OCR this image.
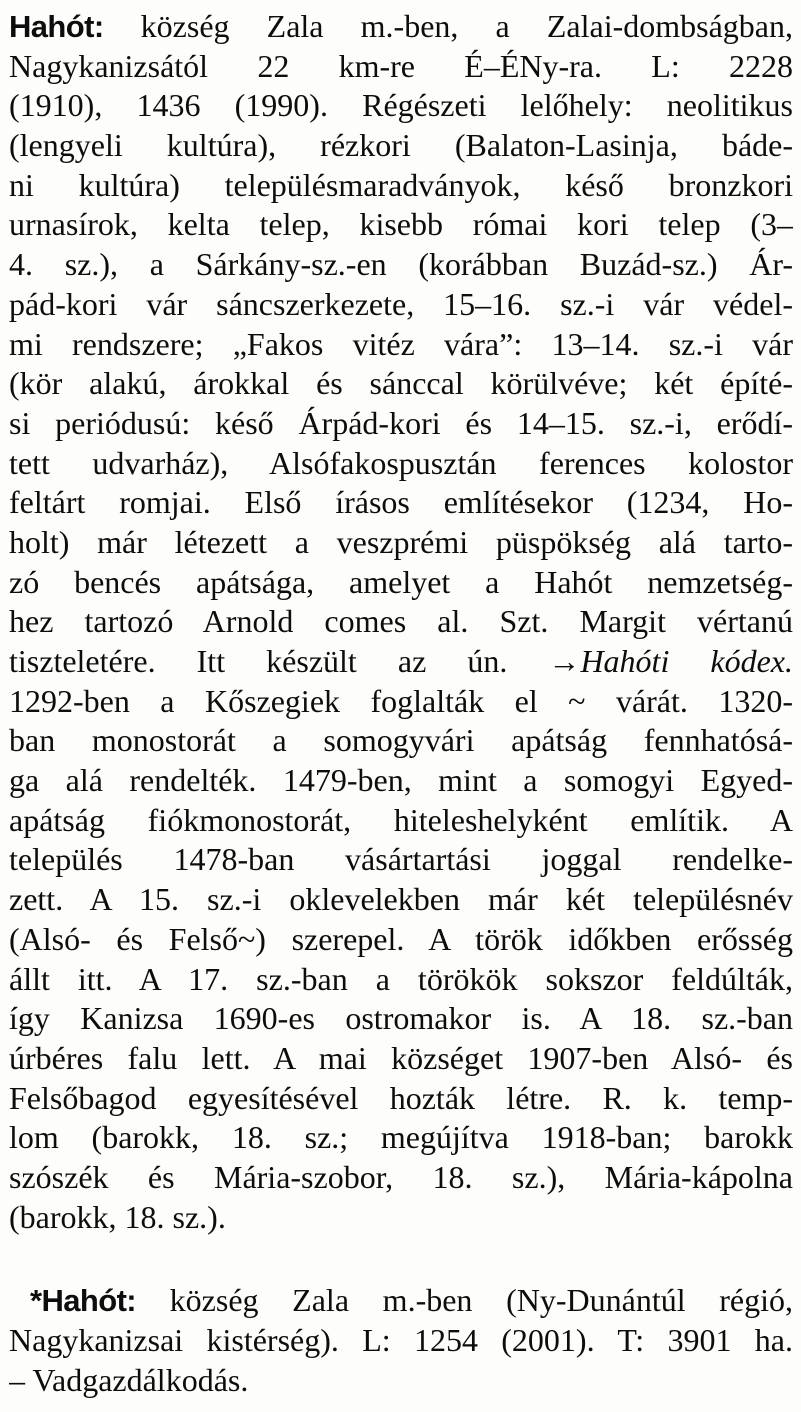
Hahót: község Zala m.-ben, a Zalai-dombságban,
Nagykanizsától 22 km-re É–ÉNy-ra. L: 2228
(1910), 1436 (1990). Régészeti lelőhely: neolitikus
(lengyeli kultúra), rézkori (Balaton-Lasinja, báde-
ni kultúra) településmaradványok, késő bronzkori
urnasírok, kelta telep, kisebb római kori telep (3–
4. sz.), a Sárkány-sz.-en (korábban Buzád-sz.) Ár-
pád-kori vár sáncszerkezete, 15–16. sz.-i vár védel-
mi rendszere; „Fakos vitéz vára”: 13–14. sz.-i vár
(kör alakú, árokkal és sánccal körülvéve; két építé-
si periódusú: késő Árpád-kori és 14–15. sz.-i, erődí-
tett udvarház), Alsófakospusztán ferences kolostor
feltárt romjai. Első írásos említésekor (1234, Ho-
holt) már létezett a veszprémi püspökség alá tarto-
zó bencés apátsága, amelyet a Hahót nemzetség-
hez tartozó Arnold comes al. Szt. Margit vértanú
tiszteletére. Itt készült az ún. →Hahóti kódex.
1292-ben a Kőszegiek foglalták el ~ várát. 1320-
ban monostorát a somogyvári apátság fennhatósá-
ga alá rendelték. 1479-ben, mint a somogyi Egyed-
apátság fiókmonostorát, hiteleshelyként említik. A
település 1478-ban vásártartási joggal rendelke-
zett. A 15. sz.-i oklevelekben már két településnév
(Alsó- és Felső~) szerepel. A török időkben erősség
állt itt. A 17. sz.-ban a törökök sokszor feldúlták,
így Kanizsa 1690-es ostromakor is. A 18. sz.-ban
úrbéres falu lett. A mai községet 1907-ben Alsó- és
Felsőbagod egyesítésével hozták létre. R. k. temp-
lom (barokk, 18. sz.; megújítva 1918-ban; barokk
szószék és Mária-szobor, 18. sz.), Mária-kápolna
(barokk, 18. sz.).
*Hahót: község Zala m.-ben (Ny-Dunántúl régió,
Nagykanizsai kistérség). L: 1254 (2001). T: 3901 ha.
– Vadgazdálkodás.
